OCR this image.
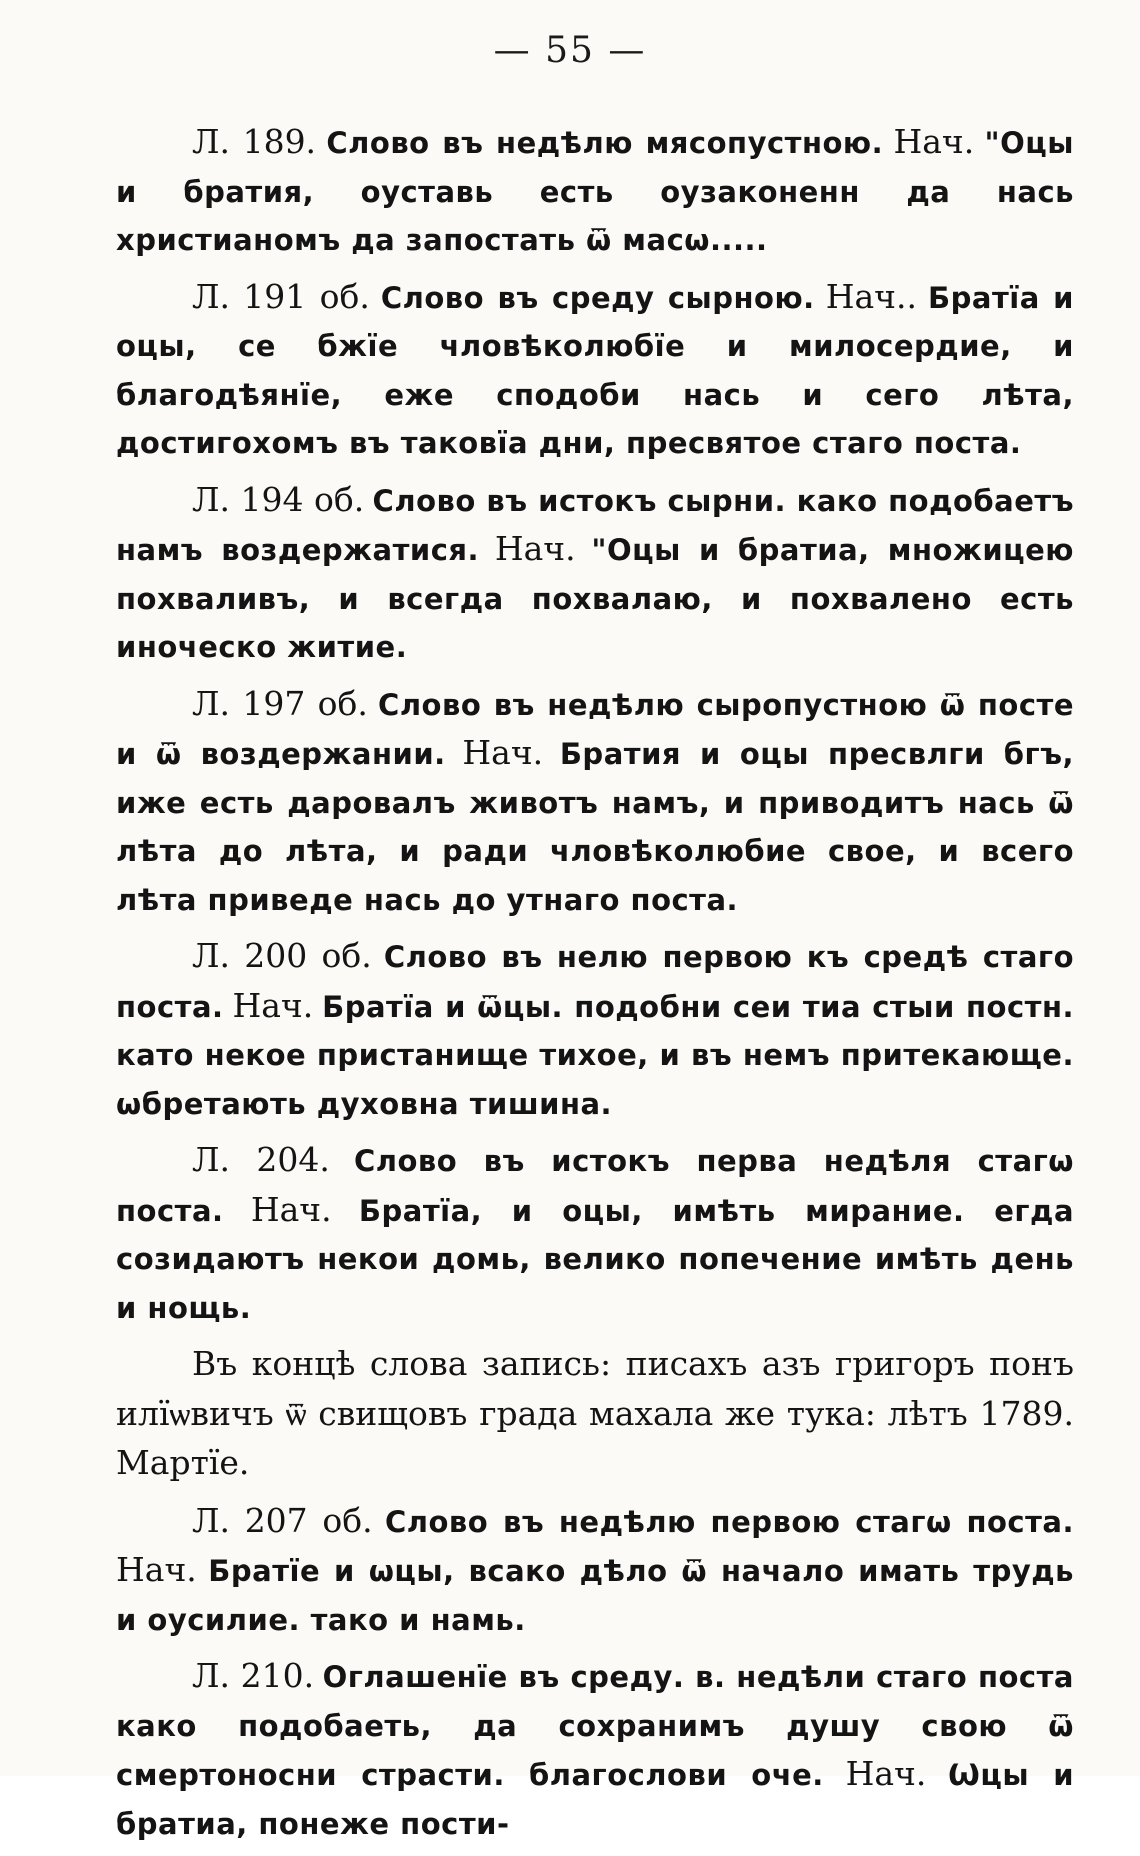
— 55 —

Л. 189. Слово въ недѣлю мясопустною. Нач. "Оцы и братия, оуставь есть оузаконенн да нась христианомъ да запостать ѿ масѡ.....

Л. 191 об. Слово въ среду сырною. Нач.. Братїа и оцы, се бжїе чловѣколюбїе и милосердие, и благодѣянїе, еже сподоби нась и сего лѣта, достигохомъ въ таковїа дни, пресвятое стаго поста.

Л. 194 об. Слово въ истокъ сырни. како подобаетъ намъ воздержатися. Нач. "Оцы и братиа, множицею похваливъ, и всегда похвалаю, и похвалено есть иноческо житие.

Л. 197 об. Слово въ недѣлю сыропустною ѿ посте и ѿ воздержании. Нач. Братия и оцы пресвлги бгъ, иже есть даровалъ животъ намъ, и приводитъ нась ѿ лѣта до лѣта, и ради чловѣколюбие свое, и всего лѣта приведе нась до утнаго поста.

Л. 200 об. Слово въ нелю первою къ средѣ стаго поста. Нач. Братїа и ѿцы. подобни сеи тиа стыи постн. като некое пристанище тихое, и въ немъ притекающе. ѡбретають духовна тишина.

Л. 204. Слово въ истокъ перва недѣля стагѡ поста. Нач. Братїа, и оцы, имѣть мирание. егда созидаютъ некои домь, велико попечение имѣть день и нощь.

Въ концѣ слова запись: писахъ азъ григоръ понъ илїѡвичъ ѿ свищовъ града махала же тука: лѣтъ 1789. Мартїе.

Л. 207 об. Слово въ недѣлю первою стагѡ поста. Нач. Братїе и ѡцы, всако дѣло ѿ начало имать трудь и оусилие. тако и намь.

Л. 210. Оглашенїе въ среду. в. недѣли стаго поста како подобаеть, да сохранимъ душу свою ѿ смертоносни страсти. благослови оче. Нач. Ѡцы и братиа, понеже пости-
